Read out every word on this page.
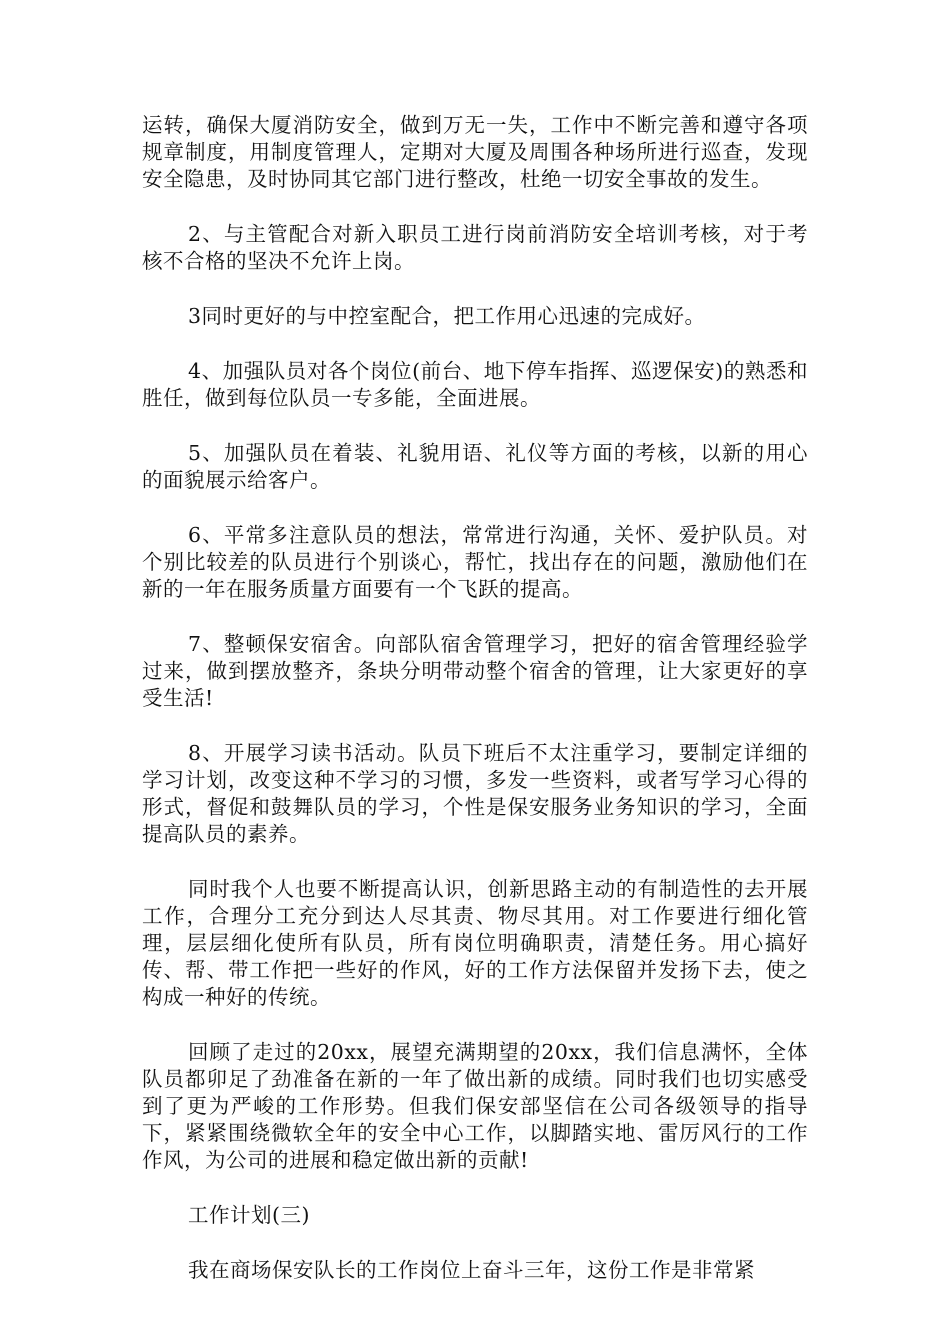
运转，确保大厦消防安全，做到万无一失，工作中不断完善和遵守各项规章制度，用制度管理人，定期对大厦及周围各种场所进行巡查，发现安全隐患，及时协同其它部门进行整改，杜绝一切安全事故的发生。

2、与主管配合对新入职员工进行岗前消防安全培训考核，对于考核不合格的坚决不允许上岗。

3同时更好的与中控室配合，把工作用心迅速的完成好。

4、加强队员对各个岗位(前台、地下停车指挥、巡逻保安)的熟悉和胜任，做到每位队员一专多能，全面进展。

5、加强队员在着装、礼貌用语、礼仪等方面的考核，以新的用心的面貌展示给客户。

6、平常多注意队员的想法，常常进行沟通，关怀、爱护队员。对个别比较差的队员进行个别谈心，帮忙，找出存在的问题，激励他们在新的一年在服务质量方面要有一个飞跃的提高。

7、整顿保安宿舍。向部队宿舍管理学习，把好的宿舍管理经验学过来，做到摆放整齐，条块分明带动整个宿舍的管理，让大家更好的享受生活!

8、开展学习读书活动。队员下班后不太注重学习，要制定详细的学习计划，改变这种不学习的习惯，多发一些资料，或者写学习心得的形式，督促和鼓舞队员的学习，个性是保安服务业务知识的学习，全面提高队员的素养。

同时我个人也要不断提高认识，创新思路主动的有制造性的去开展工作，合理分工充分到达人尽其责、物尽其用。对工作要进行细化管理，层层细化使所有队员，所有岗位明确职责，清楚任务。用心搞好传、帮、带工作把一些好的作风，好的工作方法保留并发扬下去，使之构成一种好的传统。

回顾了走过的20xx，展望充满期望的20xx，我们信息满怀，全体队员都卯足了劲准备在新的一年了做出新的成绩。同时我们也切实感受到了更为严峻的工作形势。但我们保安部坚信在公司各级领导的指导下，紧紧围绕微软全年的安全中心工作，以脚踏实地、雷厉风行的工作作风，为公司的进展和稳定做出新的贡献!

工作计划(三)

我在商场保安队长的工作岗位上奋斗三年，这份工作是非常紧
